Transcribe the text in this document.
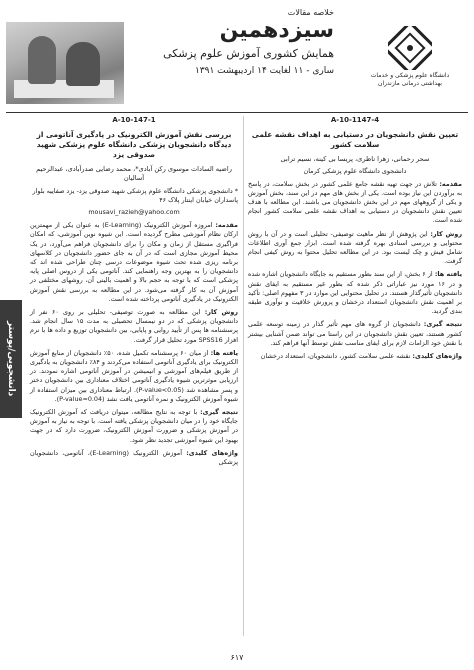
خلاصه مقالات
سیزدهمین
همایش کشوری آموزش علوم پزشکی
ساری - ۱۱ لغایت ۱۴ اردیبهشت ۱۳۹۱	دانشگاه علوم پزشکی و خدمات بهداشتی درمانی مازندران
دانشجویی/پوستر
A-10-147-1
بررسی نقش آموزش الکترونیک در یادگیری آناتومی از دیدگاه دانشجویان پزشکی دانشگاه علوم پزشکی شهید صدوقی یزد
راضیه السادات موسوی رکن آبادی*، محمد رضایی صدرآبادی، عبدالرحیم آسالیان
* دانشجوی پزشکی دانشگاه علوم پزشکی شهید صدوقی یزد- یزد صفاییه بلوار پاسداران خیابان اینتار پلاک ۴۶
mousavi_razieh@yahoo.com

مقدمه: امروزه آموزش الکترونیک (E-Learning) به عنوان یکی از مهمترین ارکان نظام آموزشی مطرح گردیده است. این شیوه نوین آموزشی، که امکان فراگیری مستقل از زمان و مکان را برای دانشجویان فراهم می‌آورد، در یک محیط آموزش مجازی است که در آن به جای حضور دانشجویان در کلاسهای برنامه ریزی شده تحت شیوه موضوعات درسی چنان طراحی شده اند که دانشجویان را به بهترین وجه راهنمایی کند. آناتومی یکی از دروس اصلی پایه پزشکی است که با توجه به حجم بالا و اهمیت بالینی آن، روشهای مختلفی در آموزش آن به کار گرفته می‌شود. در این مطالعه به بررسی نقش آموزش الکترونیک در یادگیری آناتومی پرداخته شده است.

روش کار: این مطالعه به صورت توصیفی- تحلیلی بر روی ۶۰ نفر از دانشجویان پزشکی که در دو نیمسال تحصیلی به مدت ۱۵ سال انجام شد. پرسشنامه ها پس از تأیید روایی و پایایی، بین دانشجویان توزیع و داده ها با نرم افزار SPSS16 مورد تحلیل قرار گرفت.

یافته ها: از میان ۶۰ پرسشنامه تکمیل شده، ۵۰٪ دانشجویان از منابع آموزش الکترونیک برای یادگیری آناتومی استفاده می‌کردند و ۸۴٪ دانشجویان به یادگیری از طریق فیلم‌های آموزشی و انیمیشن در آموزش آناتومی اشاره نمودند. در ارزیابی موثرترین شیوه یادگیری آناتومی اختلاف معناداری بین دانشجویان دختر و پسر مشاهده شد (P-value<0.05). ارتباط معناداری بین میزان استفاده از شیوه آموزش الکترونیک و نمره آناتومی یافت نشد (P-value=0.04).

نتیجه گیری: با توجه به نتایج مطالعه، میتوان دریافت که آموزش الکترونیک جایگاه خود را در میان دانشجویان پزشکی یافته است. با توجه به نیاز به آموزش در آموزش پزشکی و ضرورت آموزش الکترونیک، ضرورت دارد که در جهت بهبود این شیوه آموزشی تجدید نظر شود.

واژه‌های کلیدی: آموزش الکترونیک (E-Learning)، آناتومی، دانشجویان پزشکی

A-10-1147-4
تعیین نقش دانشجویان در دستیابی به اهداف نقشه علمی سلامت کشور
سحر رحمانی، زهرا ناظری، پریسا بی کینه، نسیم ترابی
دانشجوی دانشگاه علوم پزشکی کرمان

مقدمه: تلاش در جهت تهیه نقشه جامع علمی کشور در بخش سلامت، در پاسخ به برآوردن این نیاز بوده است. یکی از بخش های مهم در این سند، بخش آموزش و یکی از گروههای مهم در این بخش دانشجویان می باشند. این مطالعه با هدف تعیین نقش دانشجویان در دستیابی به اهداف نقشه علمی سلامت کشور انجام شده است.

روش کار: این پژوهش از نظر ماهیت توصیفی- تحلیلی است و در آن با روش محتوایی و بررسی اسنادی بهره گرفته شده است. ابزار جمع آوری اطلاعات شامل فیش و چک لیست بود. در این مطالعه تحلیل محتوا به روش کیفی انجام گرفت.

یافته ها: از ۶ بخش، از این سند بطور مستقیم به جایگاه دانشجویان اشاره شده و در ۱۶ مورد نیز عباراتی ذکر شده که بطور غیر مستقیم به ایفای نقش دانشجویان تأثیرگذار هستند. در تحلیل محتوایی این موارد در ۳ مفهوم اصلی: تأکید بر اهمیت نقش دانشجویان استعداد درخشان و پرورش خلاقیت و نوآوری طبقه بندی گردید.

نتیجه گیری: دانشجویان از گروه های مهم تأثیر گذار در زمینه توسعه علمی کشور هستند، تعیین نقش دانشجویان در این راستا می تواند ضمن آشنایی بیشتر با نقش خود الزامات لازم برای ایفای مناسب نقش توسط آنها فراهم کند.

واژه‌های کلیدی: نقشه علمی سلامت کشور، دانشجویان، استعداد درخشان

۶۱۷
